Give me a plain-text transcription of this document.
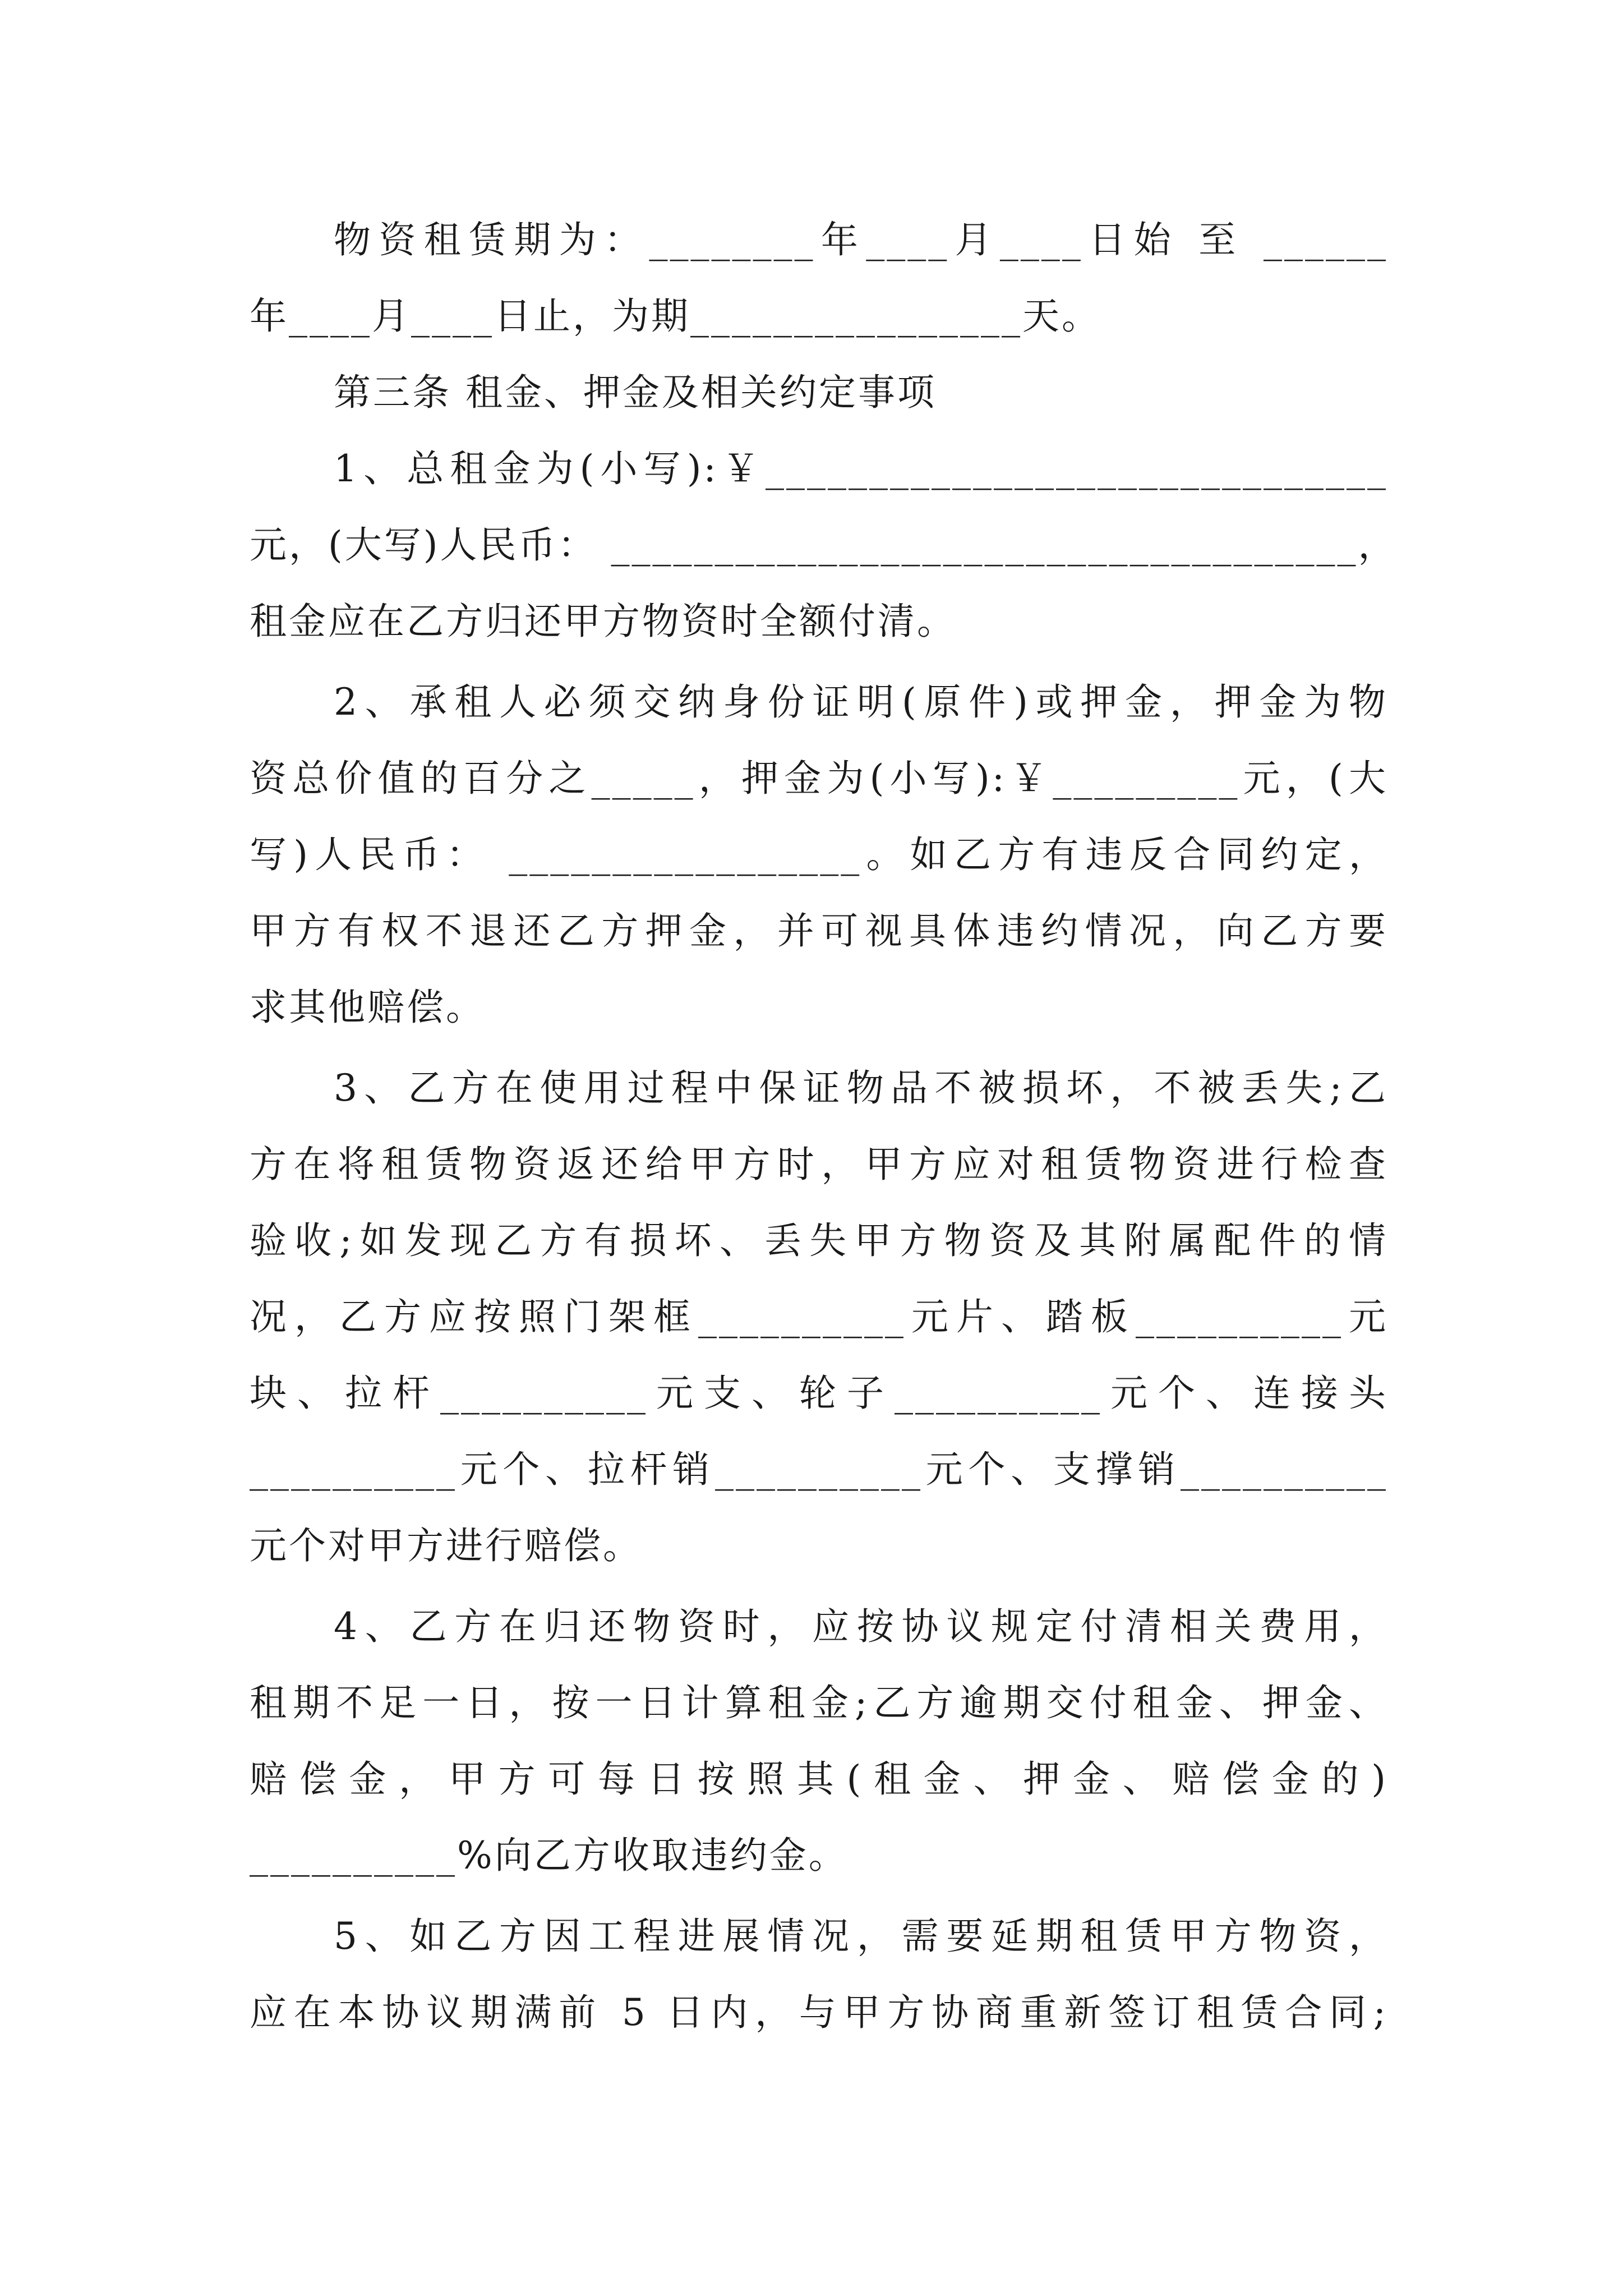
物资租赁期为：________年____月____日始 至 ______
年____月____日止，为期________________天。
第三条 租金、押金及相关约定事项
1、总租金为(小写):￥______________________________
元，(大写)人民币： ____________________________________，
租金应在乙方归还甲方物资时全额付清。
2、承租人必须交纳身份证明(原件)或押金，押金为物
资总价值的百分之_____，押金为(小写):￥_________元，(大
写)人民币： _________________。如乙方有违反合同约定，
甲方有权不退还乙方押金，并可视具体违约情况，向乙方要
求其他赔偿。
3、乙方在使用过程中保证物品不被损坏，不被丢失;乙
方在将租赁物资返还给甲方时，甲方应对租赁物资进行检查
验收;如发现乙方有损坏、丢失甲方物资及其附属配件的情
况，乙方应按照门架框__________元片、踏板__________元
块、拉杆__________元支、轮子__________元个、连接头
__________元个、拉杆销__________元个、支撑销__________
元个对甲方进行赔偿。
4、乙方在归还物资时，应按协议规定付清相关费用，
租期不足一日，按一日计算租金;乙方逾期交付租金、押金、
赔偿金，甲方可每日按照其(租金、押金、赔偿金的)
__________%向乙方收取违约金。
5、如乙方因工程进展情况，需要延期租赁甲方物资，
应在本协议期满前 5 日内，与甲方协商重新签订租赁合同;
